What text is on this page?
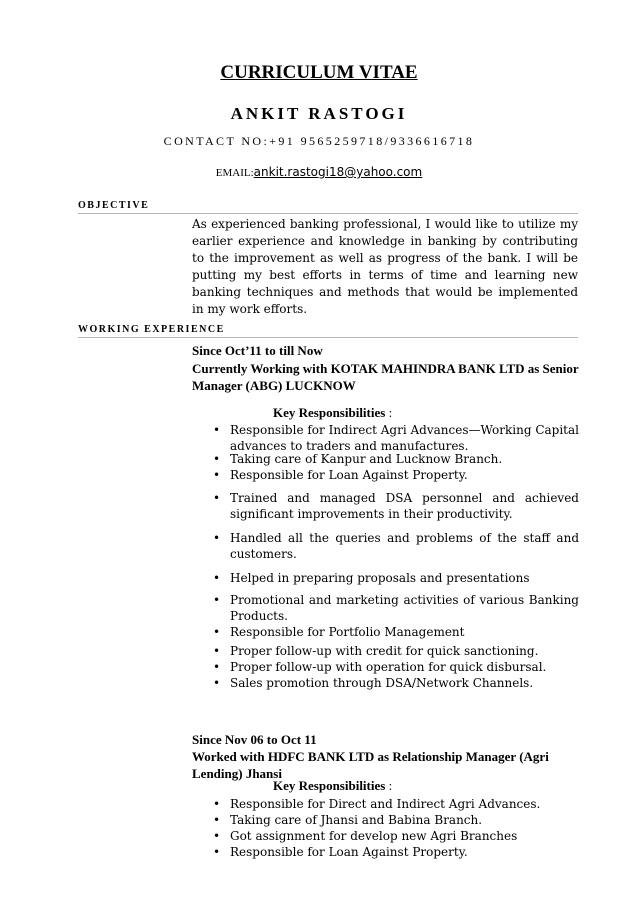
CURRICULUM VITAE
ANKIT RASTOGI
CONTACT NO:+91 9565259718/9336616718
EMAIL:ankit.rastogi18@yahoo.com
OBJECTIVE
As experienced banking professional, I would like to utilize my earlier experience and knowledge in banking by contributing to the improvement as well as progress of the bank. I will be putting my best efforts in terms of time and learning new banking techniques and methods that would be implemented in my work efforts.
WORKING EXPERIENCE
Since Oct’11 to till Now
Currently Working with KOTAK MAHINDRA BANK LTD as Senior
Manager (ABG) LUCKNOW
Key Responsibilities :
• Responsible for Indirect Agri Advances—Working Capital advances to traders and manufactures.
• Taking care of Kanpur and Lucknow Branch.
• Responsible for Loan Against Property.
• Trained and managed DSA personnel and achieved significant improvements in their productivity.
• Handled all the queries and problems of the staff and customers.
• Helped in preparing proposals and presentations
• Promotional and marketing activities of various Banking Products.
• Responsible for Portfolio Management
• Proper follow-up with credit for quick sanctioning.
• Proper follow-up with operation for quick disbursal.
• Sales promotion through DSA/Network Channels.
Since Nov 06 to Oct 11
Worked with HDFC BANK LTD as Relationship Manager (Agri
Lending) Jhansi
Key Responsibilities :
• Responsible for Direct and Indirect Agri Advances.
• Taking care of Jhansi and Babina Branch.
• Got assignment for develop new Agri Branches
• Responsible for Loan Against Property.
